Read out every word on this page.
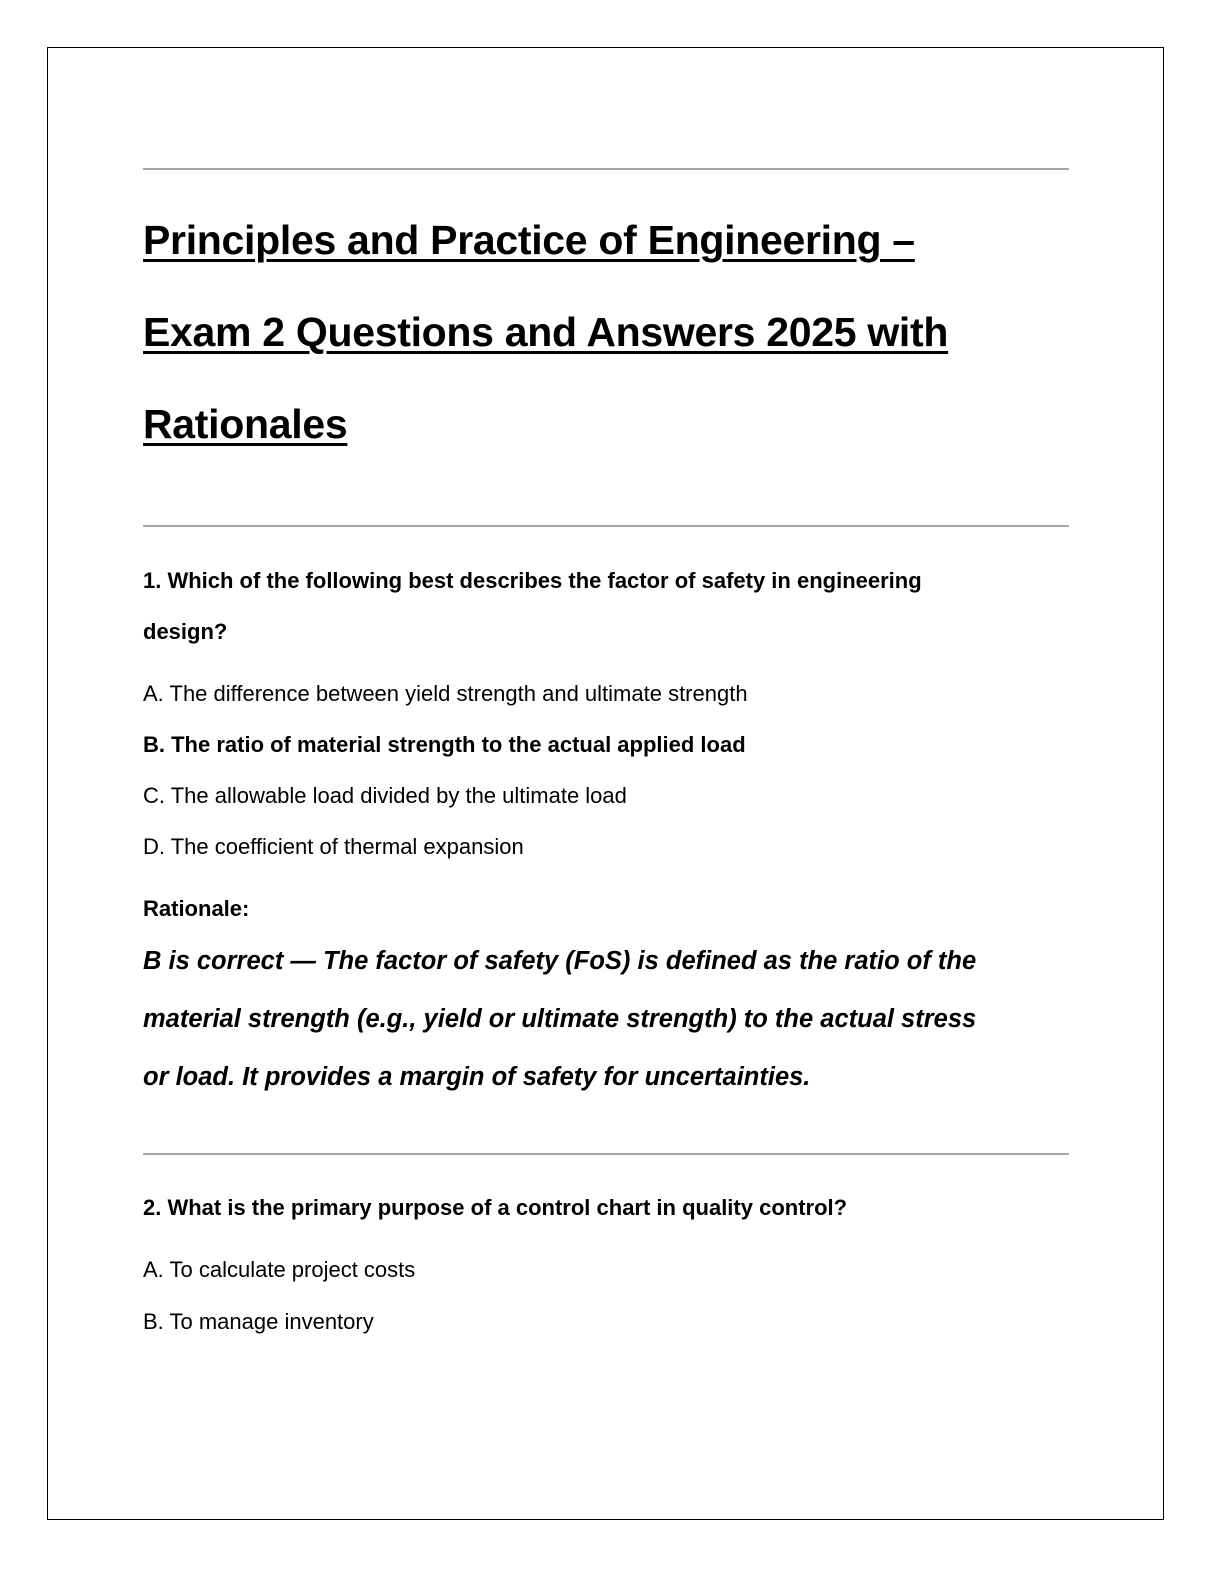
Principles and Practice of Engineering –
Exam 2 Questions and Answers 2025 with
Rationales
1. Which of the following best describes the factor of safety in engineering
design?
A. The difference between yield strength and ultimate strength
B. The ratio of material strength to the actual applied load
C. The allowable load divided by the ultimate load
D. The coefficient of thermal expansion
Rationale:
B is correct — The factor of safety (FoS) is defined as the ratio of the
material strength (e.g., yield or ultimate strength) to the actual stress
or load. It provides a margin of safety for uncertainties.
2. What is the primary purpose of a control chart in quality control?
A. To calculate project costs
B. To manage inventory
